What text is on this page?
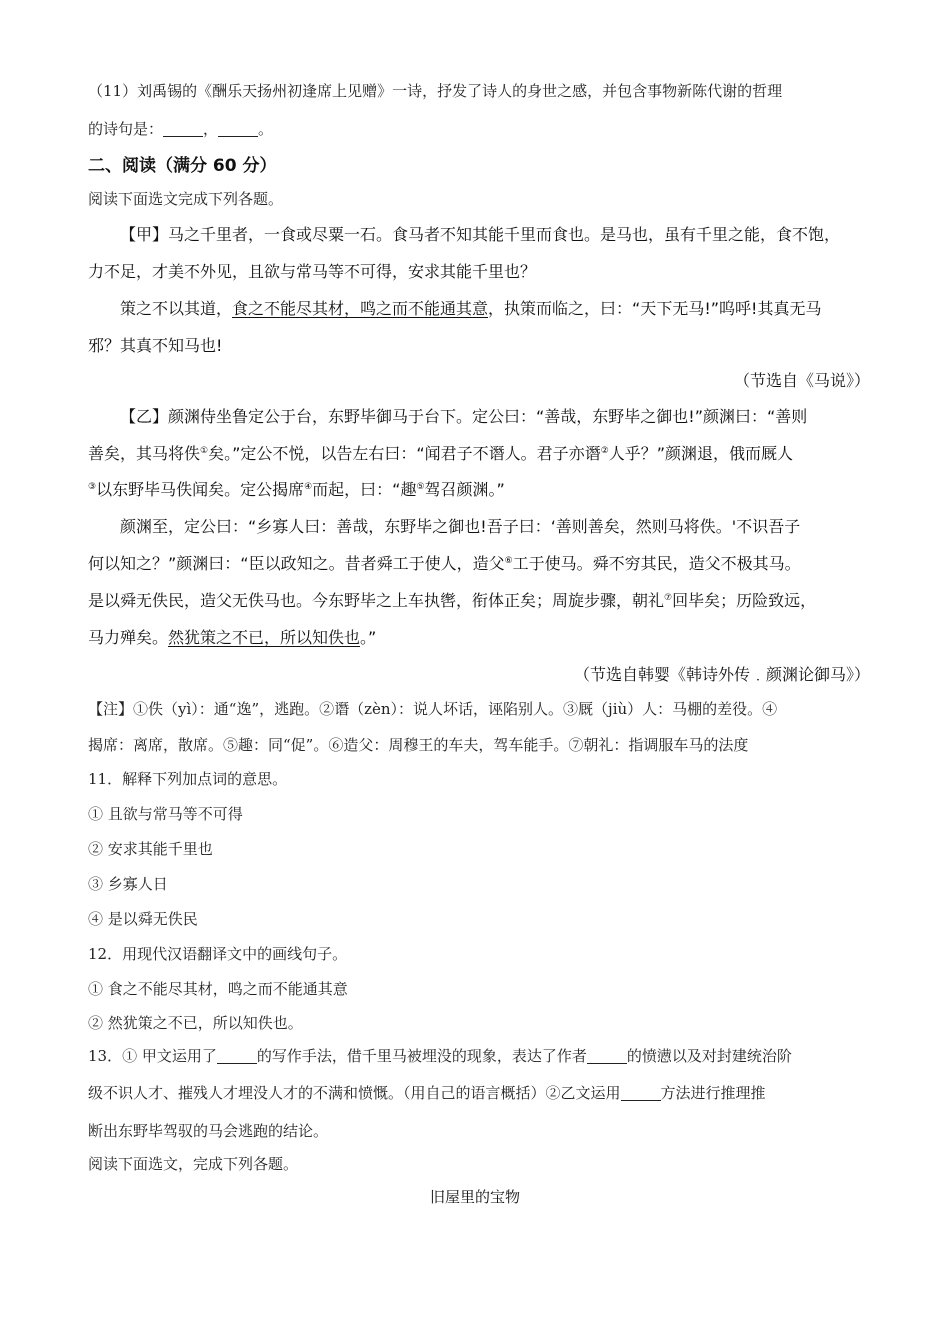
（11）刘禹锡的《酬乐天扬州初逢席上见赠》一诗，抒发了诗人的身世之感，并包含事物新陈代谢的哲理
的诗句是：	，	。
二、阅读（满分 60 分）
阅读下面选文完成下列各题。
【甲】马之千里者，一食或尽粟一石。食马者不知其能千里而食也。是马也，虽有千里之能，食不饱，
力不足，才美不外见，且欲与常马等不可得，安求其能千里也？
策之不以其道，食之不能尽其材，鸣之而不能通其意，执策而临之，曰：“天下无马!”呜呼!其真无马
邪？其真不知马也!
（节选自《马说》）
【乙】颜渊侍坐鲁定公于台，东野毕御马于台下。定公曰：“善哉，东野毕之御也!”颜渊曰：“善则
善矣，其马将佚①矣。”定公不悦，以告左右曰：“闻君子不谮人。君子亦谮②人乎？”颜渊退，俄而厩人
③以东野毕马佚闻矣。定公揭席④而起，曰：“趣⑤驾召颜渊。”
颜渊至，定公曰：“乡寡人曰：善哉，东野毕之御也!吾子曰：‘善则善矣，然则马将佚。'不识吾子
何以知之？”颜渊曰：“臣以政知之。昔者舜工于使人，造父⑥工于使马。舜不穷其民，造父不极其马。
是以舜无佚民，造父无佚马也。今东野毕之上车执辔，衔体正矣；周旋步骤，朝礼⑦回毕矣；历险致远，
马力殚矣。然犹策之不已，所以知佚也。”
（节选自韩婴《韩诗外传﹒颜渊论御马》）
【注】①佚（yì）：通“逸”，逃跑。②谮（zèn）：说人坏话，诬陷别人。③厩（jiù）人：马棚的差役。④
揭席：离席，散席。⑤趣：同“促”。⑥造父：周穆王的车夫，驾车能手。⑦朝礼：指调服车马的法度
11．解释下列加点词的意思。
① 且欲与常马等不可得
② 安求其能千里也
③ 乡寡人日
④ 是以舜无佚民
12．用现代汉语翻译文中的画线句子。
① 食之不能尽其材，鸣之而不能通其意
② 然犹策之不已，所以知佚也。
13．① 甲文运用了	的写作手法，借千里马被埋没的现象，表达了作者	的愤懑以及对封建统治阶
级不识人才、摧残人才埋没人才的不满和愤慨。（用自己的语言概括）②乙文运用	方法进行推理推
断出东野毕驾驭的马会逃跑的结论。
阅读下面选文，完成下列各题。
旧屋里的宝物
